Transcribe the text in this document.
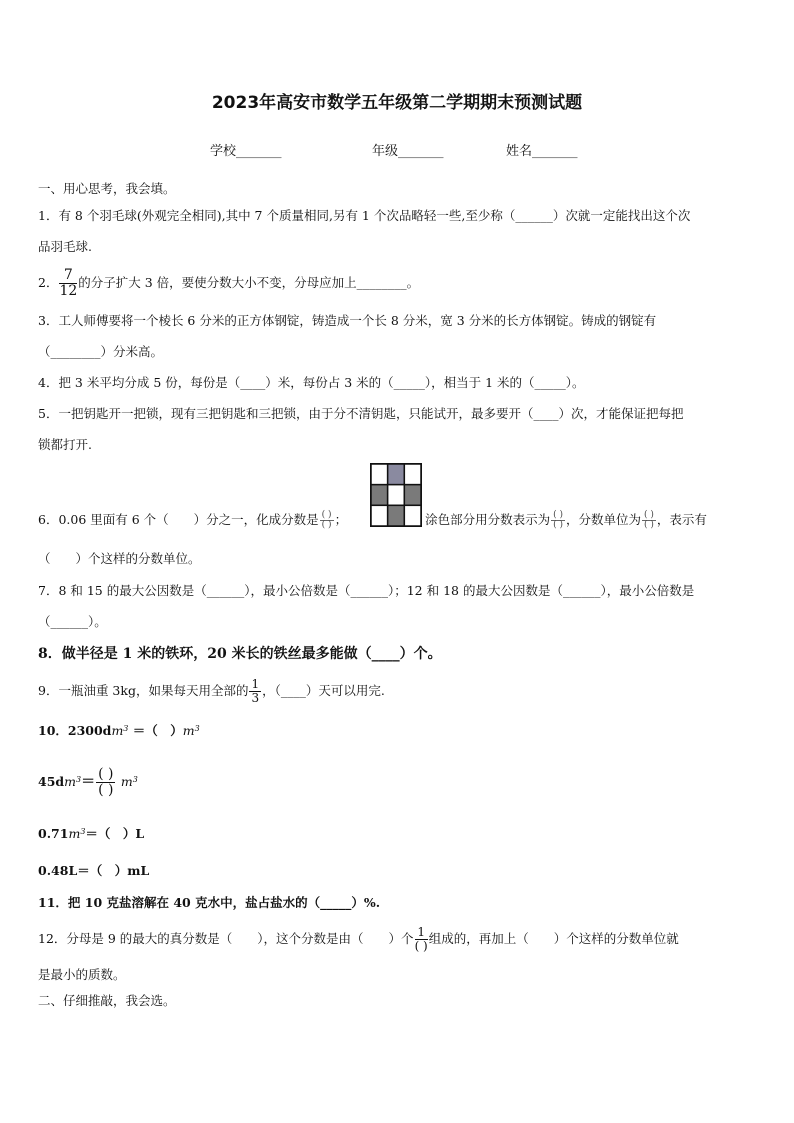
2023年高安市数学五年级第二学期期末预测试题
学校_______	年级_______	姓名_______
一、用心思考，我会填。
1．有 8 个羽毛球(外观完全相同),其中 7 个质量相同,另有 1 个次品略轻一些,至少称（______）次就一定能找出这个次
品羽毛球.
2． $\frac{7}{12}$ 的分子扩大 3 倍，要使分数大小不变，分母应加上________。
3．工人师傅要将一个棱长 6 分米的正方体钢锭，铸造成一个长 8 分米，宽 3 分米的长方体钢锭。铸成的钢锭有
（________）分米高。
4．把 3 米平均分成 5 份，每份是（____）米，每份占 3 米的（_____），相当于 1 米的（_____）。
5．一把钥匙开一把锁，现有三把钥匙和三把锁，由于分不清钥匙，只能试开，最多要开（____）次，才能保证把每把
锁都打开.
6．0.06 里面有 6 个（　　）分之一，化成分数是 $\frac{( )}{( )}$ ；	涂色部分用分数表示为 $\frac{( )}{( )}$ ，分数单位为 $\frac{( )}{( )}$ ，表示有
（　　）个这样的分数单位。
7．8 和 15 的最大公因数是（______），最小公倍数是（______）；12 和 18 的最大公因数是（______），最小公倍数是
（______）。
8．做半径是 1 米的铁环，20 米长的铁丝最多能做（____）个。
9．一瓶油重 3kg，如果每天用全部的 $\frac{1}{3}$ ，（____）天可以用完.
10．$2300dm^3$ ＝（　）$m^3$
$45dm^3= \frac{( )}{( )} m^3$
$0.71m^3=$（　）L
0.48L＝（　）mL
11．把 10 克盐溶解在 40 克水中，盐占盐水的（_____）%.
12．分母是 9 的最大的真分数是（　　），这个分数是由（　　）个 $\frac{1}{( )}$ 组成的，再加上（　　）个这样的分数单位就
是最小的质数。
二、仔细推敲，我会选。
